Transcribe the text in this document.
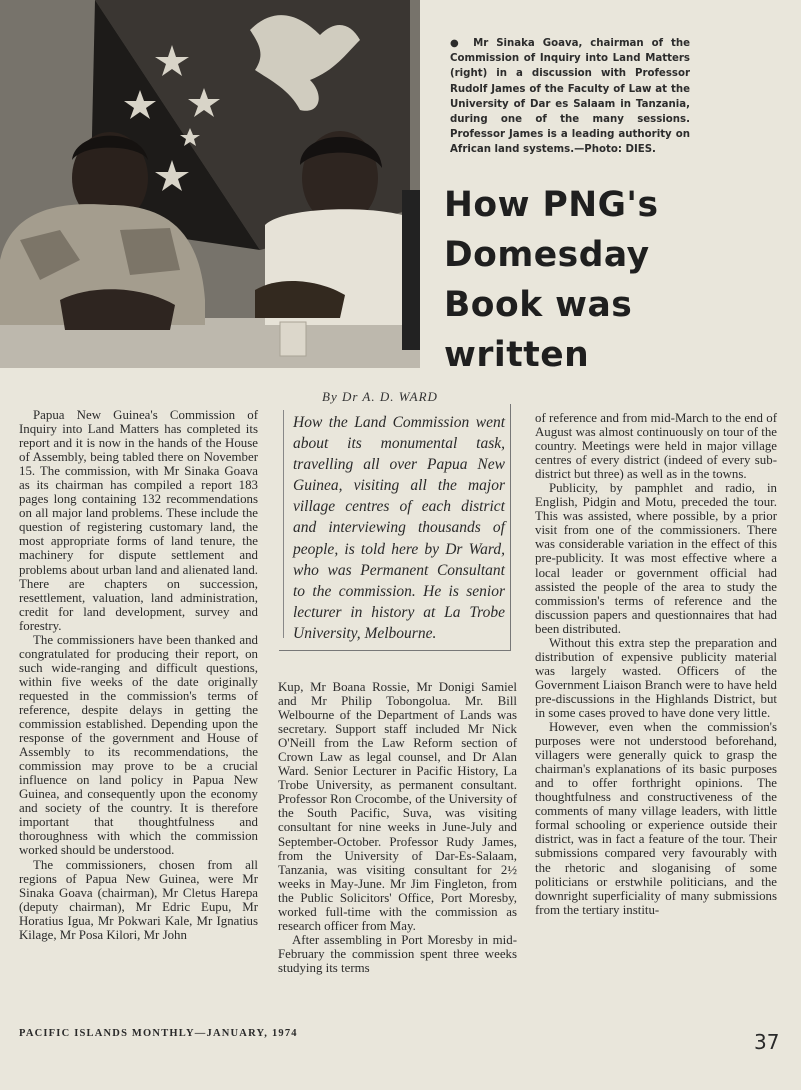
● Mr Sinaka Goava, chairman of the Commission of Inquiry into Land Matters (right) in a discussion with Professor Rudolf James of the Faculty of Law at the University of Dar es Salaam in Tanzania, during one of the many sessions. Professor James is a leading authority on African land systems.—Photo: DIES.
How PNG's
Domesday
Book was
written
By Dr A. D. WARD
How the Land Commission went about its monumental task, travelling all over Papua New Guinea, visiting all the major village centres of each district and interviewing thousands of people, is told here by Dr Ward, who was Permanent Consultant to the commission. He is senior lecturer in history at La Trobe University, Melbourne.

Papua New Guinea's Commission of Inquiry into Land Matters has completed its report and it is now in the hands of the House of Assembly, being tabled there on November 15. The commission, with Mr Sinaka Goava as its chairman has compiled a report 183 pages long containing 132 recommendations on all major land problems. These include the question of registering customary land, the most appropriate forms of land tenure, the machinery for dispute settlement and problems about urban land and alienated land. There are chapters on succession, resettlement, valuation, land administration, credit for land development, survey and forestry.

The commissioners have been thanked and congratulated for producing their report, on such wide-ranging and difficult questions, within five weeks of the date originally requested in the commission's terms of reference, despite delays in getting the commission established. Depending upon the response of the government and House of Assembly to its recommendations, the commission may prove to be a crucial influence on land policy in Papua New Guinea, and consequently upon the economy and society of the country. It is therefore important that thoughtfulness and thoroughness with which the commission worked should be understood.

The commissioners, chosen from all regions of Papua New Guinea, were Mr Sinaka Goava (chairman), Mr Cletus Harepa (deputy chairman), Mr Edric Eupu, Mr Horatius Igua, Mr Pokwari Kale, Mr Ignatius Kilage, Mr Posa Kilori, Mr John

Kup, Mr Boana Rossie, Mr Donigi Samiel and Mr Philip Tobongolua. Mr. Bill Welbourne of the Department of Lands was secretary. Support staff included Mr Nick O'Neill from the Law Reform section of Crown Law as legal counsel, and Dr Alan Ward. Senior Lecturer in Pacific History, La Trobe University, as permanent consultant. Professor Ron Crocombe, of the University of the South Pacific, Suva, was visiting consultant for nine weeks in June-July and September-October. Professor Rudy James, from the University of Dar-Es-Salaam, Tanzania, was visiting consultant for 2½ weeks in May-June. Mr Jim Fingleton, from the Public Solicitors' Office, Port Moresby, worked full-time with the commission as research officer from May.

After assembling in Port Moresby in mid-February the commission spent three weeks studying its terms

of reference and from mid-March to the end of August was almost continuously on tour of the country. Meetings were held in major village centres of every district (indeed of every sub-district but three) as well as in the towns.

Publicity, by pamphlet and radio, in English, Pidgin and Motu, preceded the tour. This was assisted, where possible, by a prior visit from one of the commissioners. There was considerable variation in the effect of this pre-publicity. It was most effective where a local leader or government official had assisted the people of the area to study the commission's terms of reference and the discussion papers and questionnaires that had been distributed.

Without this extra step the preparation and distribution of expensive publicity material was largely wasted. Officers of the Government Liaison Branch were to have held pre-discussions in the Highlands District, but in some cases proved to have done very little.

However, even when the commission's purposes were not understood beforehand, villagers were generally quick to grasp the chairman's explanations of its basic purposes and to offer forthright opinions. The thoughtfulness and constructiveness of the comments of many village leaders, with little formal schooling or experience outside their district, was in fact a feature of the tour. Their submissions compared very favourably with the rhetoric and sloganising of some politicians or erstwhile politicians, and the downright superficiality of many submissions from the tertiary institu-

PACIFIC ISLANDS MONTHLY—JANUARY, 1974	37
